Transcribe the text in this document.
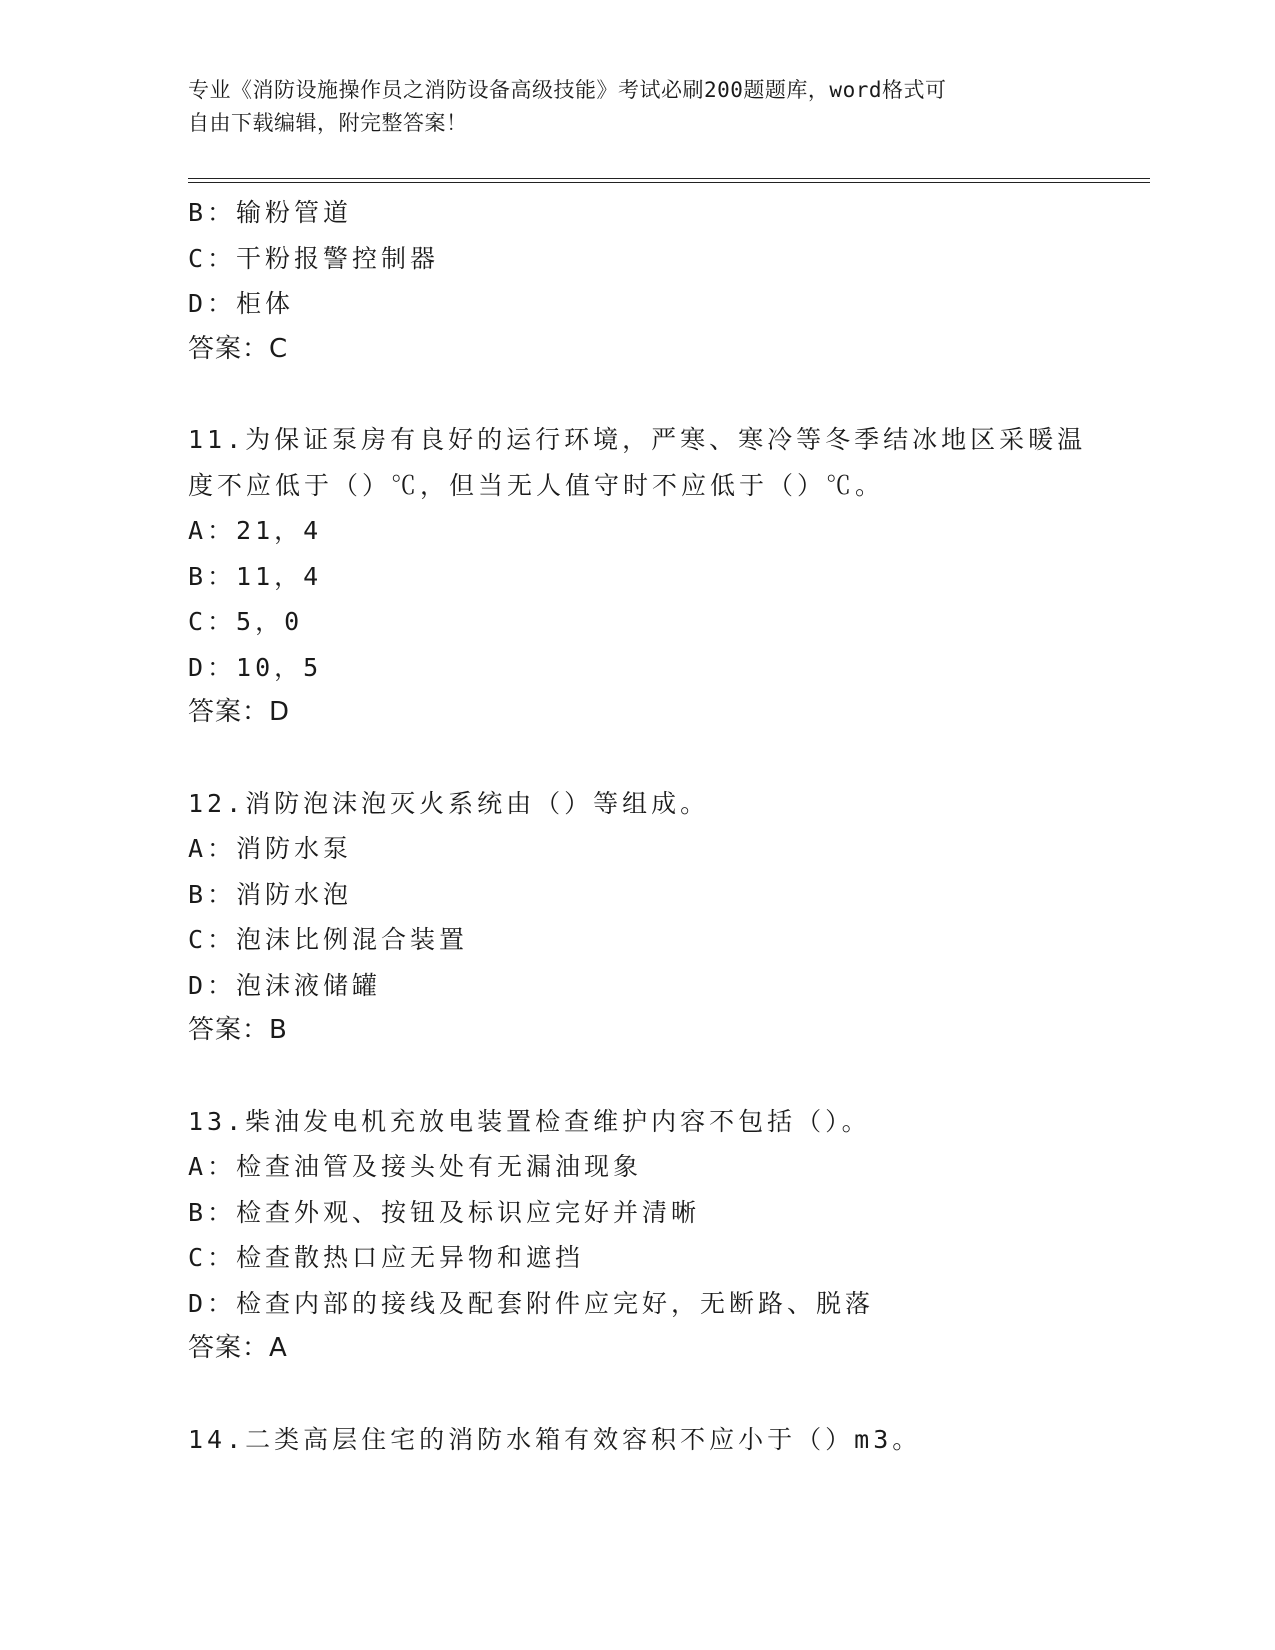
专业《消防设施操作员之消防设备高级技能》考试必刷200题题库，word格式可
自由下载编辑，附完整答案！
B：输粉管道
C：干粉报警控制器
D：柜体
答案：C
11.为保证泵房有良好的运行环境，严寒、寒冷等冬季结冰地区采暖温
度不应低于（）℃，但当无人值守时不应低于（）℃。
A：21，4
B：11，4
C：5，0
D：10，5
答案：D
12.消防泡沫泡灭火系统由（）等组成。
A：消防水泵
B：消防水泡
C：泡沫比例混合装置
D：泡沫液储罐
答案：B
13.柴油发电机充放电装置检查维护内容不包括（）。
A：检查油管及接头处有无漏油现象
B：检查外观、按钮及标识应完好并清晰
C：检查散热口应无异物和遮挡
D：检查内部的接线及配套附件应完好，无断路、脱落
答案：A
14.二类高层住宅的消防水箱有效容积不应小于（）m3。
